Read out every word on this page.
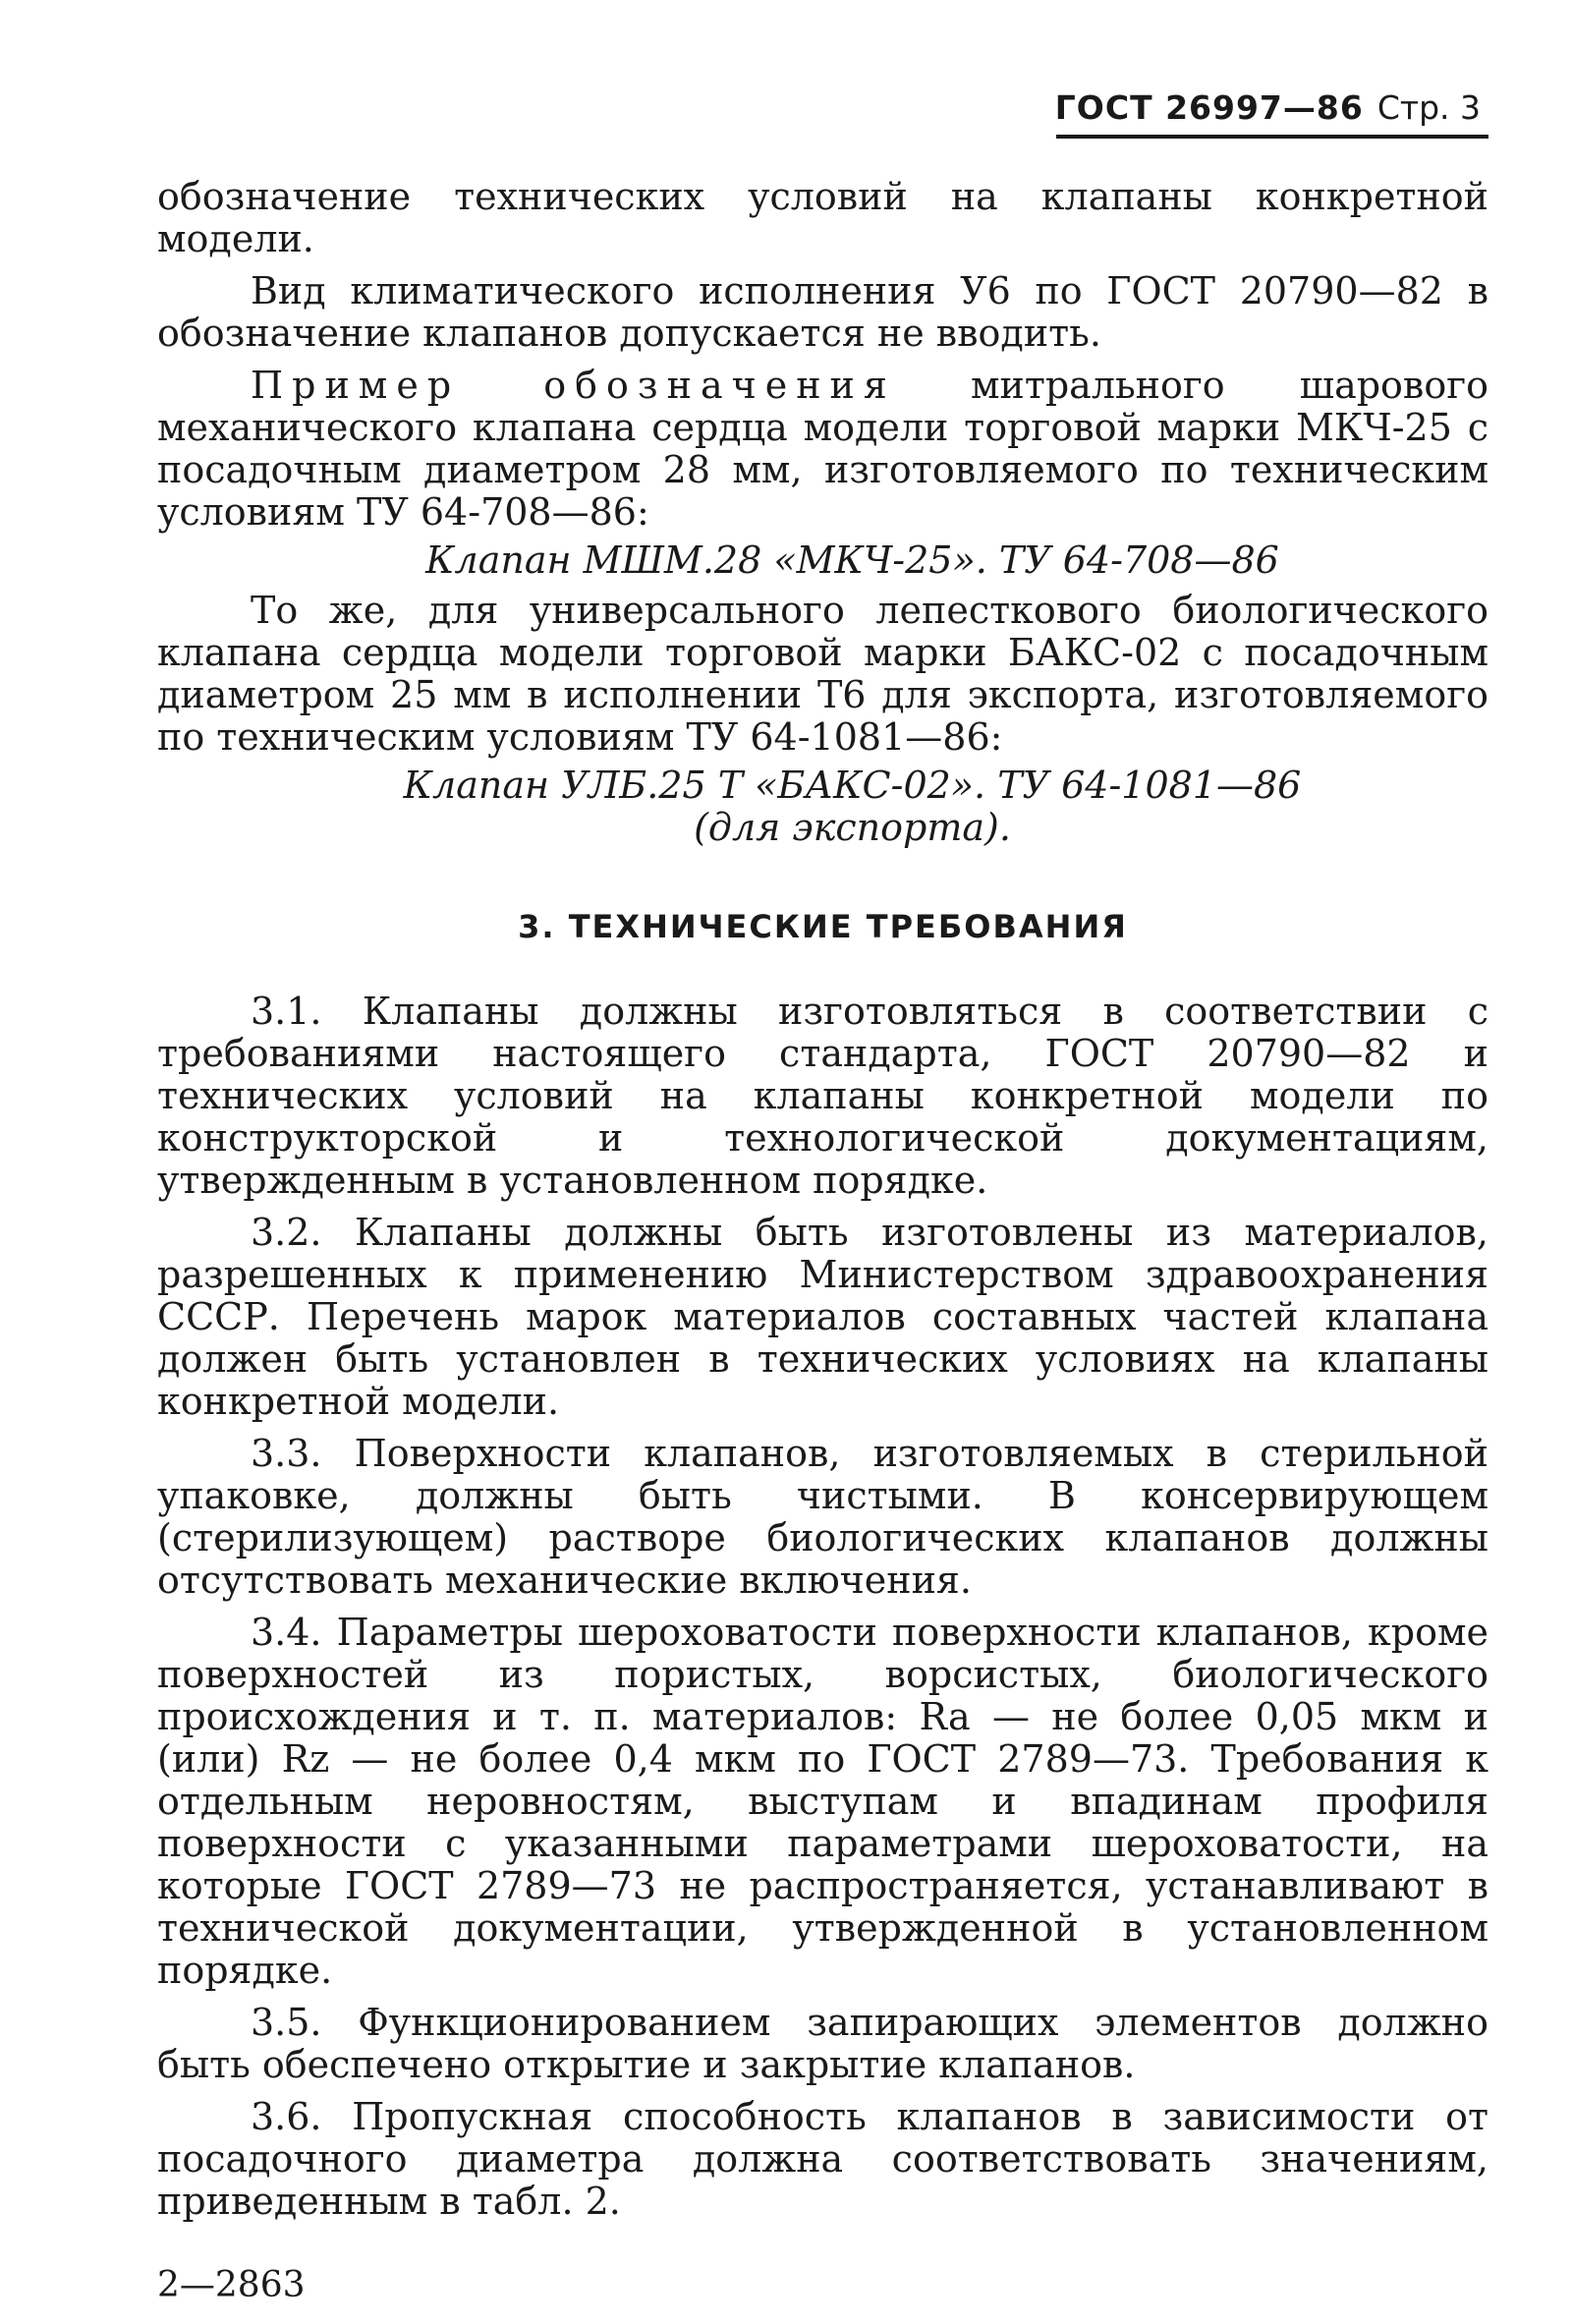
ГОСТ 26997—86 Стр. 3

обозначение технических условий на клапаны конкретной модели.

Вид климатического исполнения У6 по ГОСТ 20790—82 в обозначение клапанов допускается не вводить.

Пример обозначения митрального шарового механического клапана сердца модели торговой марки МКЧ-25 с посадочным диаметром 28 мм, изготовляемого по техническим условиям ТУ 64-708—86:

Клапан МШМ.28 «МКЧ-25». ТУ 64-708—86

То же, для универсального лепесткового биологического клапана сердца модели торговой марки БАКС-02 с посадочным диаметром 25 мм в исполнении Т6 для экспорта, изготовляемого по техническим условиям ТУ 64-1081—86:

Клапан УЛБ.25 Т «БАКС-02». ТУ 64-1081—86

(для экспорта).

3. ТЕХНИЧЕСКИЕ ТРЕБОВАНИЯ

3.1. Клапаны должны изготовляться в соответствии с требованиями настоящего стандарта, ГОСТ 20790—82 и технических условий на клапаны конкретной модели по конструкторской и технологической документациям, утвержденным в установленном порядке.

3.2. Клапаны должны быть изготовлены из материалов, разрешенных к применению Министерством здравоохранения СССР. Перечень марок материалов составных частей клапана должен быть установлен в технических условиях на клапаны конкретной модели.

3.3. Поверхности клапанов, изготовляемых в стерильной упаковке, должны быть чистыми. В консервирующем (стерилизующем) растворе биологических клапанов должны отсутствовать механические включения.

3.4. Параметры шероховатости поверхности клапанов, кроме поверхностей из пористых, ворсистых, биологического происхождения и т. п. материалов: Ra — не более 0,05 мкм и (или) Rz — не более 0,4 мкм по ГОСТ 2789—73. Требования к отдельным неровностям, выступам и впадинам профиля поверхности с указанными параметрами шероховатости, на которые ГОСТ 2789—73 не распространяется, устанавливают в технической документации, утвержденной в установленном порядке.

3.5. Функционированием запирающих элементов должно быть обеспечено открытие и закрытие клапанов.

3.6. Пропускная способность клапанов в зависимости от посадочного диаметра должна соответствовать значениям, приведенным в табл. 2.

2—2863
